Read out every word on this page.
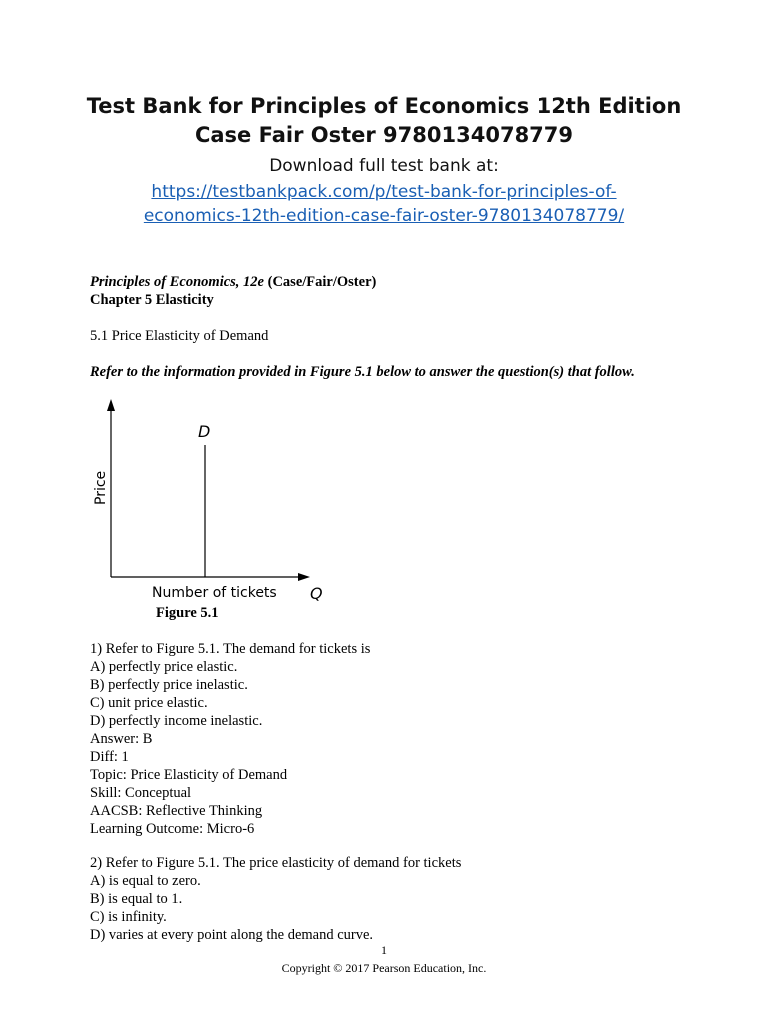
Test Bank for Principles of Economics 12th Edition
Case Fair Oster 9780134078779
Download full test bank at:
https://testbankpack.com/p/test-bank-for-principles-of-
economics-12th-edition-case-fair-oster-9780134078779/
Principles of Economics, 12e (Case/Fair/Oster)
Chapter 5 Elasticity
5.1 Price Elasticity of Demand
Refer to the information provided in Figure 5.1 below to answer the question(s) that follow.
D
Price
Number of tickets Q
Figure 5.1
1) Refer to Figure 5.1. The demand for tickets is
A) perfectly price elastic.
B) perfectly price inelastic.
C) unit price elastic.
D) perfectly income inelastic.
Answer: B
Diff: 1
Topic: Price Elasticity of Demand
Skill: Conceptual
AACSB: Reflective Thinking
Learning Outcome: Micro-6
2) Refer to Figure 5.1. The price elasticity of demand for tickets
A) is equal to zero.
B) is equal to 1.
C) is infinity.
D) varies at every point along the demand curve.
1
Copyright © 2017 Pearson Education, Inc.
